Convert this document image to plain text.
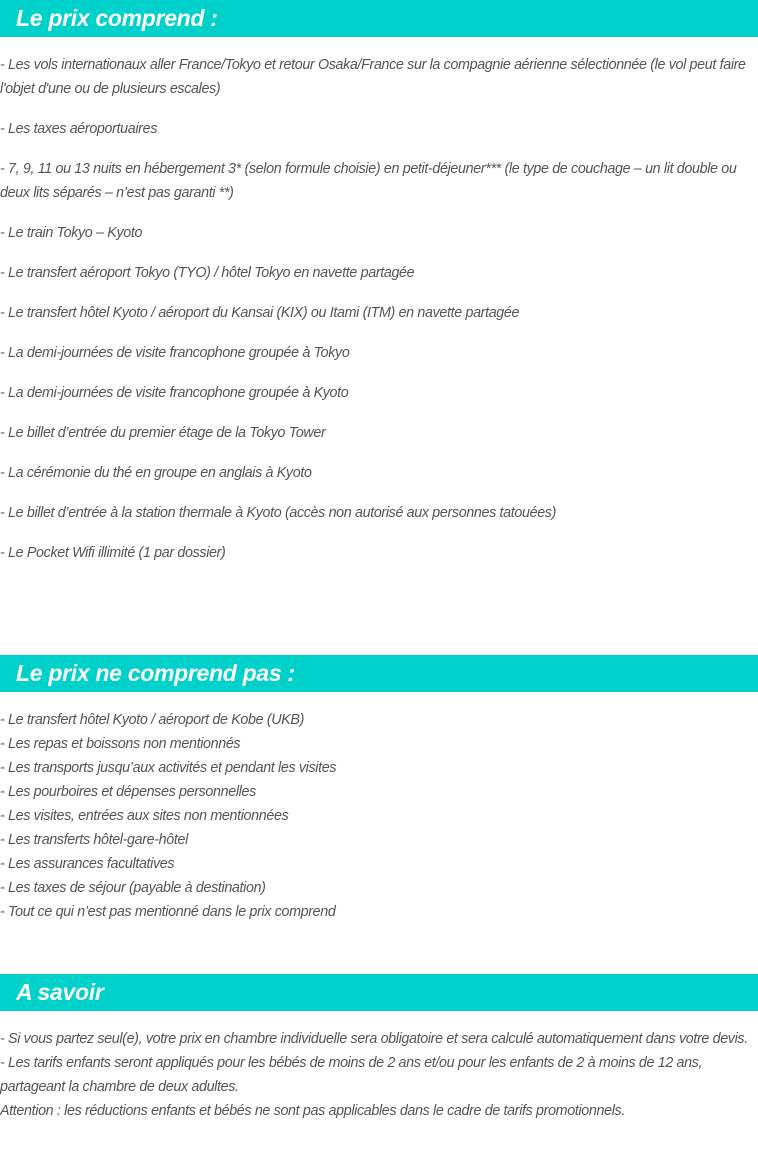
Le prix comprend :

- Les vols internationaux aller France/Tokyo et retour Osaka/France sur la compagnie aérienne sélectionnée (le vol peut faire l'objet d'une ou de plusieurs escales)

- Les taxes aéroportuaires

- 7, 9, 11 ou 13 nuits en hébergement 3* (selon formule choisie) en petit-déjeuner*** (le type de couchage – un lit double ou deux lits séparés – n’est pas garanti **)

- Le train Tokyo – Kyoto

- Le transfert aéroport Tokyo (TYO) / hôtel Tokyo en navette partagée

- Le transfert hôtel Kyoto / aéroport du Kansai (KIX) ou Itami (ITM) en navette partagée

- La demi-journées de visite francophone groupée à Tokyo

- La demi-journées de visite francophone groupée à Kyoto

- Le billet d’entrée du premier étage de la Tokyo Tower

- La cérémonie du thé en groupe en anglais à Kyoto

- Le billet d’entrée à la station thermale à Kyoto (accès non autorisé aux personnes tatouées)

- Le Pocket Wifi illimité (1 par dossier)

Le prix ne comprend pas :

- Le transfert hôtel Kyoto / aéroport de Kobe (UKB)

- Les repas et boissons non mentionnés

- Les transports jusqu’aux activités et pendant les visites

- Les pourboires et dépenses personnelles

- Les visites, entrées aux sites non mentionnées

- Les transferts hôtel-gare-hôtel

- Les assurances facultatives

- Les taxes de séjour (payable à destination)

- Tout ce qui n’est pas mentionné dans le prix comprend

A savoir

- Si vous partez seul(e), votre prix en chambre individuelle sera obligatoire et sera calculé automatiquement dans votre devis.

- Les tarifs enfants seront appliqués pour les bébés de moins de 2 ans et/ou pour les enfants de 2 à moins de 12 ans, partageant la chambre de deux adultes.

Attention : les réductions enfants et bébés ne sont pas applicables dans le cadre de tarifs promotionnels.
